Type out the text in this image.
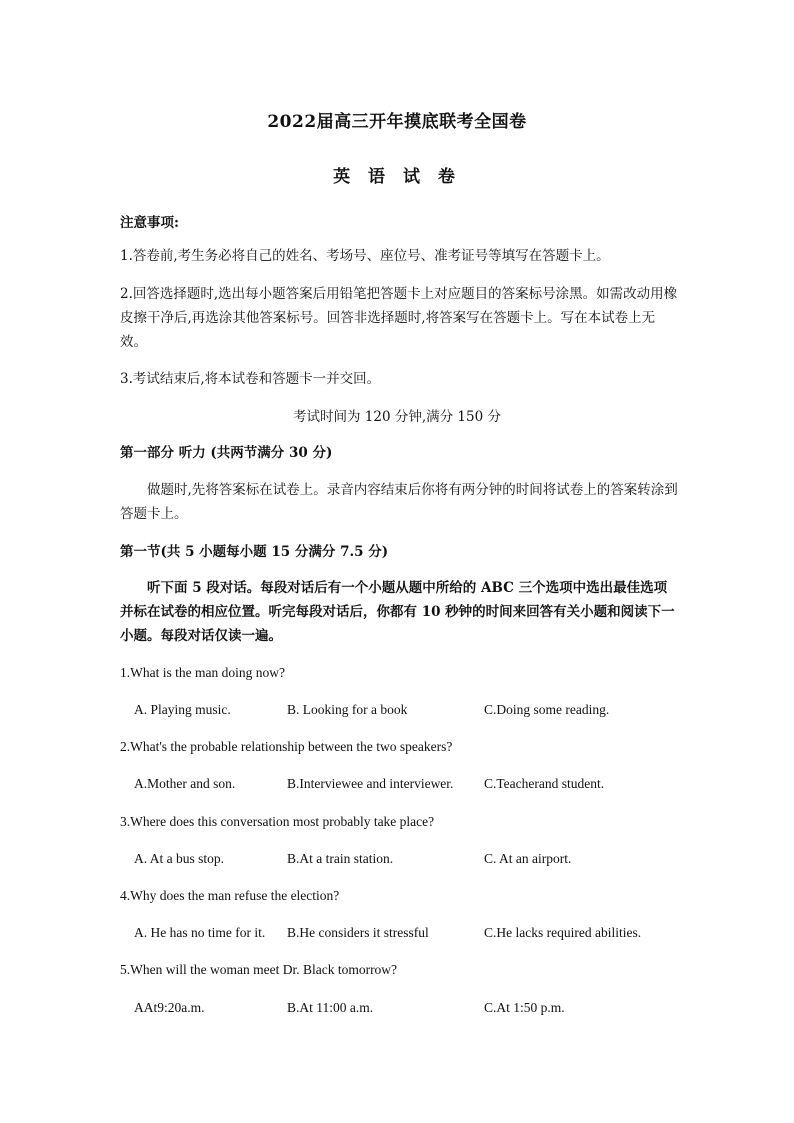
2022届高三开年摸底联考全国卷
英 语 试 卷
注意事项:
1.答卷前,考生务必将自己的姓名、考场号、座位号、准考证号等填写在答题卡上。
2.回答选择题时,选出每小题答案后用铅笔把答题卡上对应题目的答案标号涂黑。如需改动用橡皮擦干净后,再选涂其他答案标号。回答非选择题时,将答案写在答题卡上。写在本试卷上无效。
3.考试结束后,将本试卷和答题卡一并交回。
考试时间为 120 分钟,满分 150 分
第一部分 听力 (共两节满分 30 分)
做题时,先将答案标在试卷上。录音内容结束后你将有两分钟的时间将试卷上的答案转涂到答题卡上。
第一节(共 5 小题每小题 15 分满分 7.5 分)
听下面 5 段对话。每段对话后有一个小题从题中所给的 ABC 三个选项中选出最佳选项并标在试卷的相应位置。听完每段对话后，你都有 10 秒钟的时间来回答有关小题和阅读下一小题。每段对话仅读一遍。
1.What is the man doing now?
A. Playing music.	B. Looking for a book	C.Doing some reading.
2.What's the probable relationship between the two speakers?
A.Mother and son.	B.Interviewee and interviewer. C.Teacherand student.
3.Where does this conversation most probably take place?
A. At a bus stop.	B.At a train station.	C. At an airport.
4.Why does the man refuse the election?
A. He has no time for it. B.He considers it stressful	C.He lacks required abilities.
5.When will the woman meet Dr. Black tomorrow?
AAt9:20a.m.	B.At 11:00 a.m.	C.At 1:50 p.m.
